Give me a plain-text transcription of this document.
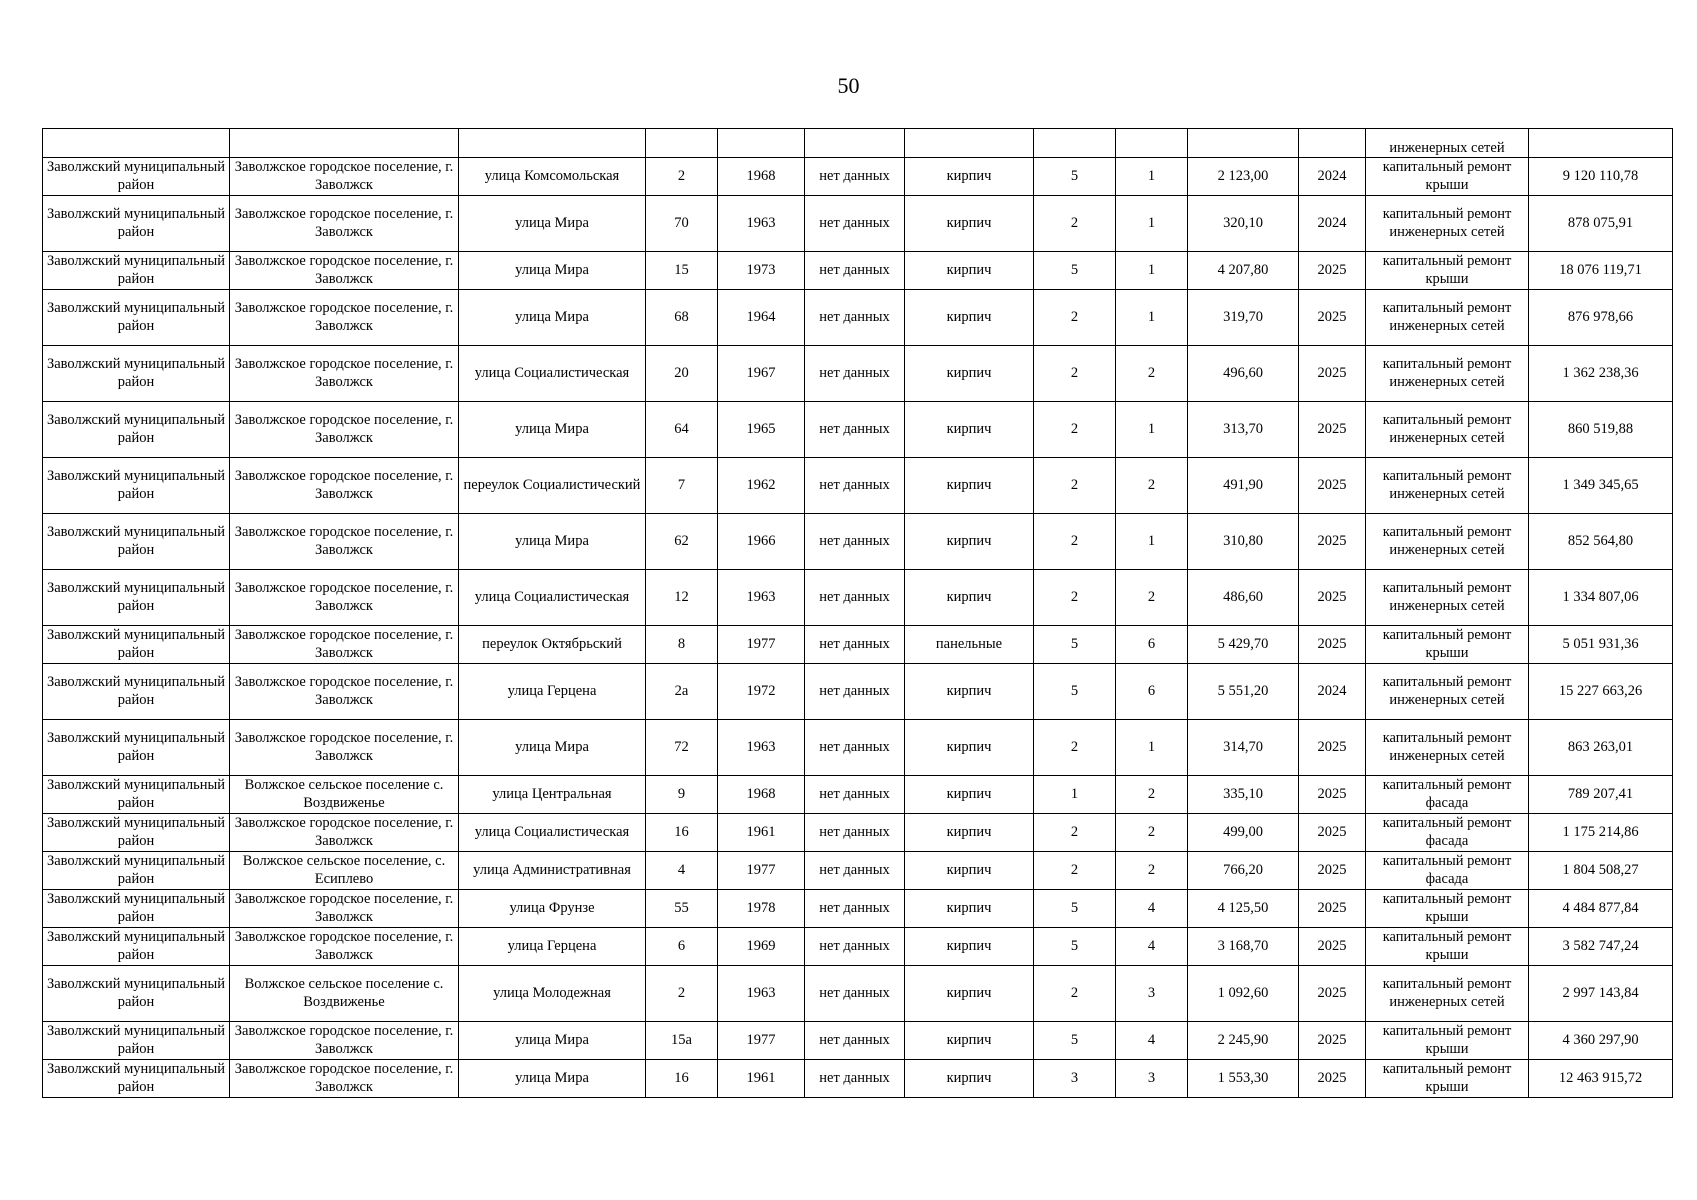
50
											инженерных сетей	
Заволжский муниципальный район	Заволжское городское поселение, г. Заволжск	улица Комсомольская	2	1968	нет данных	кирпич	5	1	2 123,00	2024	капитальный ремонт крыши	9 120 110,78
Заволжский муниципальный район	Заволжское городское поселение, г. Заволжск	улица Мира	70	1963	нет данных	кирпич	2	1	320,10	2024	капитальный ремонт инженерных сетей	878 075,91
Заволжский муниципальный район	Заволжское городское поселение, г. Заволжск	улица Мира	15	1973	нет данных	кирпич	5	1	4 207,80	2025	капитальный ремонт крыши	18 076 119,71
Заволжский муниципальный район	Заволжское городское поселение, г. Заволжск	улица Мира	68	1964	нет данных	кирпич	2	1	319,70	2025	капитальный ремонт инженерных сетей	876 978,66
Заволжский муниципальный район	Заволжское городское поселение, г. Заволжск	улица Социалистическая	20	1967	нет данных	кирпич	2	2	496,60	2025	капитальный ремонт инженерных сетей	1 362 238,36
Заволжский муниципальный район	Заволжское городское поселение, г. Заволжск	улица Мира	64	1965	нет данных	кирпич	2	1	313,70	2025	капитальный ремонт инженерных сетей	860 519,88
Заволжский муниципальный район	Заволжское городское поселение, г. Заволжск	переулок Социалистический	7	1962	нет данных	кирпич	2	2	491,90	2025	капитальный ремонт инженерных сетей	1 349 345,65
Заволжский муниципальный район	Заволжское городское поселение, г. Заволжск	улица Мира	62	1966	нет данных	кирпич	2	1	310,80	2025	капитальный ремонт инженерных сетей	852 564,80
Заволжский муниципальный район	Заволжское городское поселение, г. Заволжск	улица Социалистическая	12	1963	нет данных	кирпич	2	2	486,60	2025	капитальный ремонт инженерных сетей	1 334 807,06
Заволжский муниципальный район	Заволжское городское поселение, г. Заволжск	переулок Октябрьский	8	1977	нет данных	панельные	5	6	5 429,70	2025	капитальный ремонт крыши	5 051 931,36
Заволжский муниципальный район	Заволжское городское поселение, г. Заволжск	улица Герцена	2а	1972	нет данных	кирпич	5	6	5 551,20	2024	капитальный ремонт инженерных сетей	15 227 663,26
Заволжский муниципальный район	Заволжское городское поселение, г. Заволжск	улица Мира	72	1963	нет данных	кирпич	2	1	314,70	2025	капитальный ремонт инженерных сетей	863 263,01
Заволжский муниципальный район	Волжское сельское поселение с. Воздвиженье	улица Центральная	9	1968	нет данных	кирпич	1	2	335,10	2025	капитальный ремонт фасада	789 207,41
Заволжский муниципальный район	Заволжское городское поселение, г. Заволжск	улица Социалистическая	16	1961	нет данных	кирпич	2	2	499,00	2025	капитальный ремонт фасада	1 175 214,86
Заволжский муниципальный район	Волжское сельское поселение, с. Есиплево	улица Административная	4	1977	нет данных	кирпич	2	2	766,20	2025	капитальный ремонт фасада	1 804 508,27
Заволжский муниципальный район	Заволжское городское поселение, г. Заволжск	улица Фрунзе	55	1978	нет данных	кирпич	5	4	4 125,50	2025	капитальный ремонт крыши	4 484 877,84
Заволжский муниципальный район	Заволжское городское поселение, г. Заволжск	улица Герцена	6	1969	нет данных	кирпич	5	4	3 168,70	2025	капитальный ремонт крыши	3 582 747,24
Заволжский муниципальный район	Волжское сельское поселение с. Воздвиженье	улица Молодежная	2	1963	нет данных	кирпич	2	3	1 092,60	2025	капитальный ремонт инженерных сетей	2 997 143,84
Заволжский муниципальный район	Заволжское городское поселение, г. Заволжск	улица Мира	15а	1977	нет данных	кирпич	5	4	2 245,90	2025	капитальный ремонт крыши	4 360 297,90
Заволжский муниципальный район	Заволжское городское поселение, г. Заволжск	улица Мира	16	1961	нет данных	кирпич	3	3	1 553,30	2025	капитальный ремонт крыши	12 463 915,72
